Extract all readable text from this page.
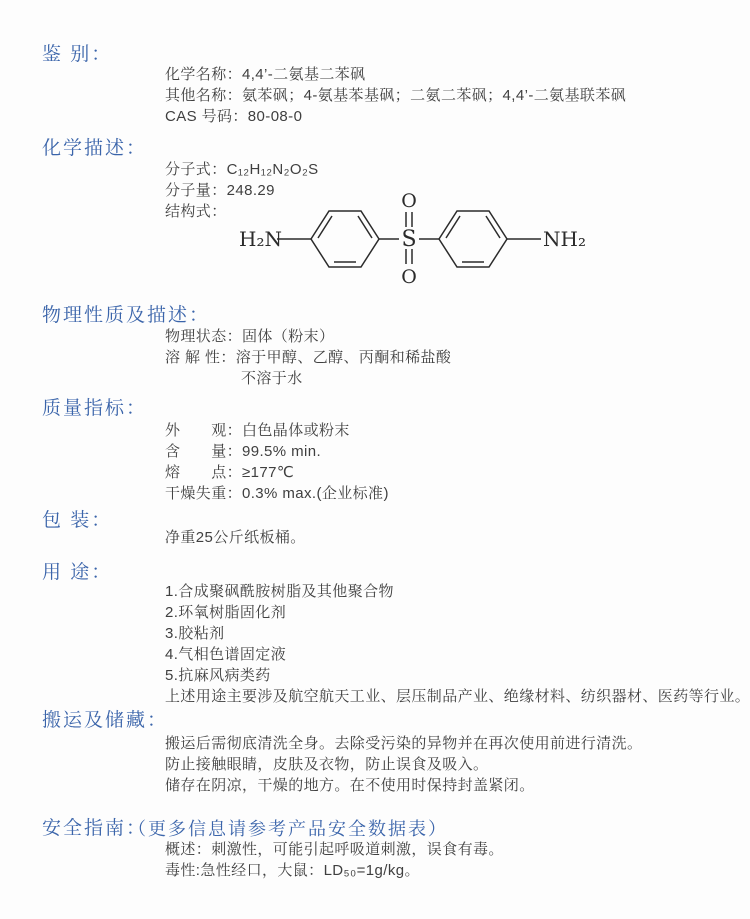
鉴 别：
化学名称：4,4’-二氨基二苯砜
其他名称：氨苯砜；4-氨基苯基砜；二氨二苯砜；4,4’-二氨基联苯砜
CAS 号码：80-08-0
化学描述：
分子式：C₁₂H₁₂N₂O₂S
分子量：248.29
结构式：
H₂N	S
O
O
NH₂
物理性质及描述：
物理状态：固体（粉末）
溶 解 性：溶于甲醇、乙醇、丙酮和稀盐酸
不溶于水
质量指标：
外　　观：白色晶体或粉末
含　　量：99.5% min.
熔　　点：≥177℃
干燥失重：0.3% max.(企业标准)
包 装：
净重25公斤纸板桶。
用 途：
1.合成聚砜酰胺树脂及其他聚合物
2.环氧树脂固化剂
3.胶粘剂
4.气相色谱固定液
5.抗麻风病类药
上述用途主要涉及航空航天工业、层压制品产业、绝缘材料、纺织器材、医药等行业。
搬运及储藏：
搬运后需彻底清洗全身。去除受污染的异物并在再次使用前进行清洗。
防止接触眼睛，皮肤及衣物，防止误食及吸入。
储存在阴凉，干燥的地方。在不使用时保持封盖紧闭。
安全指南：
（更多信息请参考产品安全数据表）
概述：刺激性，可能引起呼吸道刺激，误食有毒。
毒性:急性经口，大鼠：LD₅₀=1g/kg。
